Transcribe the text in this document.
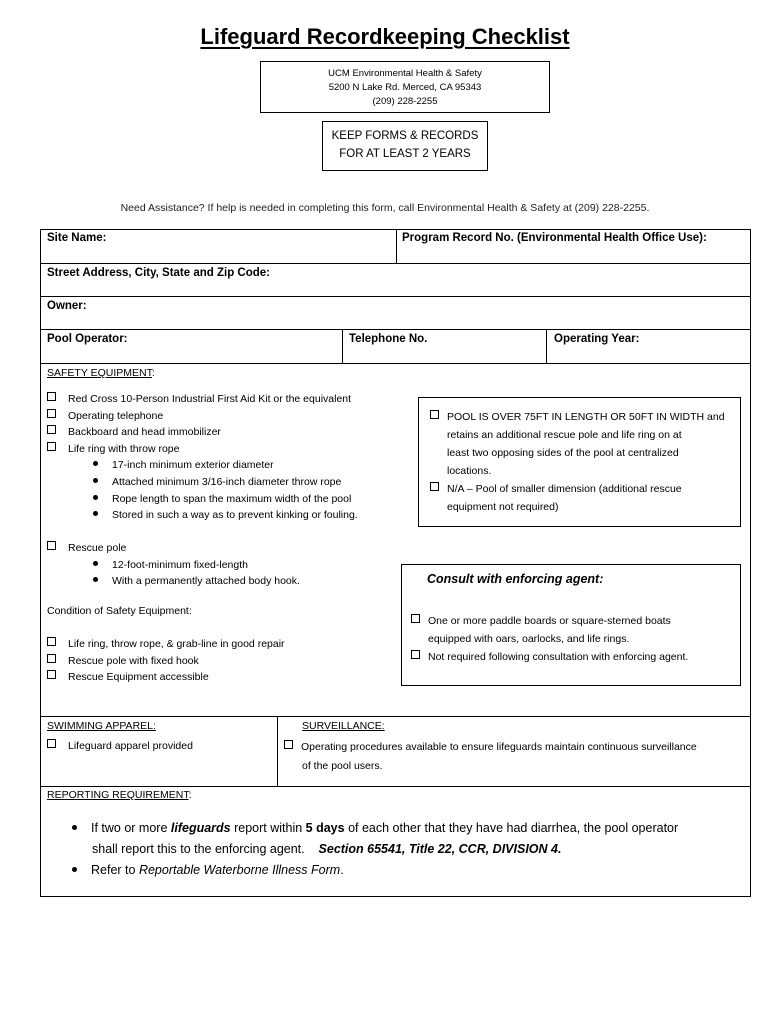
Lifeguard Recordkeeping Checklist
UCM Environmental Health & Safety
5200 N Lake Rd. Merced, CA 95343
(209) 228-2255
KEEP FORMS & RECORDS
FOR AT LEAST 2 YEARS
Need Assistance? If help is needed in completing this form, call Environmental Health & Safety at (209) 228-2255.
Site Name:	Program Record No. (Environmental Health Office Use):
Street Address, City, State and Zip Code:
Owner:
Pool Operator:	Telephone No.	Operating Year:
SAFETY EQUIPMENT:
Red Cross 10-Person Industrial First Aid Kit or the equivalent
Operating telephone
Backboard and head immobilizer
Life ring with throw rope
17-inch minimum exterior diameter
Attached minimum 3/16-inch diameter throw rope
Rope length to span the maximum width of the pool
Stored in such a way as to prevent kinking or fouling.
Rescue pole
12-foot-minimum fixed-length
With a permanently attached body hook.
Condition of Safety Equipment:
Life ring, throw rope, & grab-line in good repair
Rescue pole with fixed hook
Rescue Equipment accessible
POOL IS OVER 75FT IN LENGTH OR 50FT IN WIDTH and
retains an additional rescue pole and life ring on at
least two opposing sides of the pool at centralized
locations.
N/A – Pool of smaller dimension (additional rescue
equipment not required)
Consult with enforcing agent:
One or more paddle boards or square-sterned boats
equipped with oars, oarlocks, and life rings.
Not required following consultation with enforcing agent.
SWIMMING APPAREL:
Lifeguard apparel provided
SURVEILLANCE:
Operating procedures available to ensure lifeguards maintain continuous surveillance
of the pool users.
REPORTING REQUIREMENT:
If two or more lifeguards report within 5 days of each other that they have had diarrhea, the pool operator
shall report this to the enforcing agent.    Section 65541, Title 22, CCR, DIVISION 4.
Refer to Reportable Waterborne Illness Form.
